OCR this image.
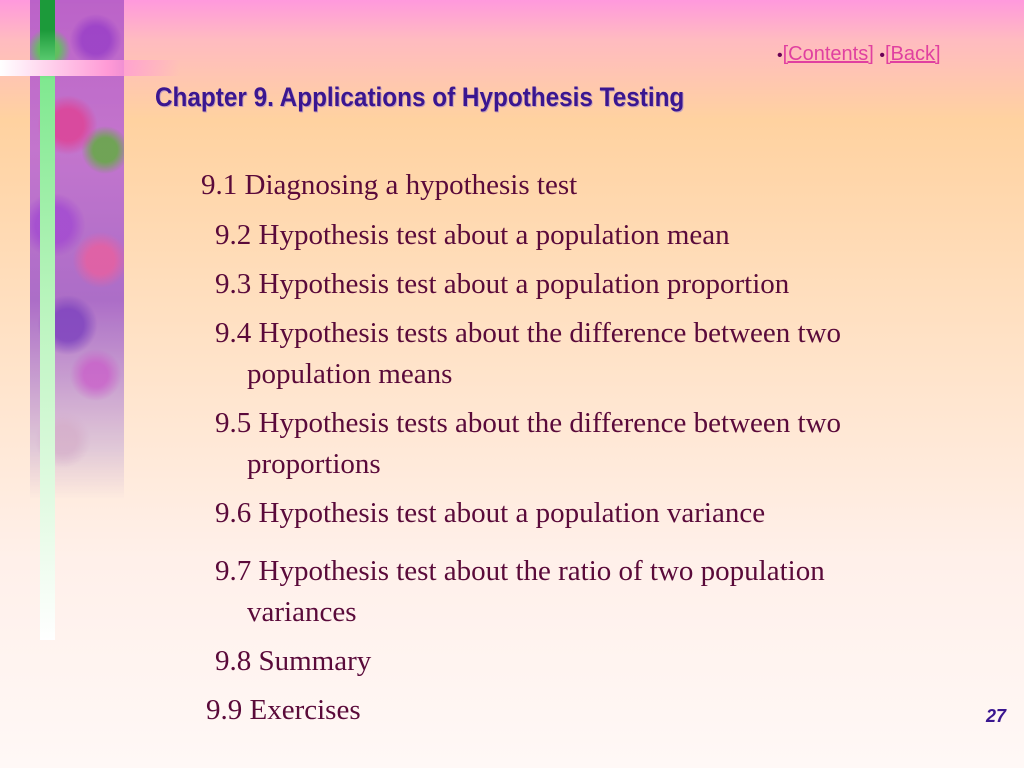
•[Contents] •[Back]
Chapter 9. Applications of Hypothesis Testing

9.1 Diagnosing a hypothesis test

9.2 Hypothesis test about a population mean

9.3 Hypothesis test about a population proportion

9.4 Hypothesis tests about the difference between two
population means

9.5 Hypothesis tests about the difference between two
proportions

9.6 Hypothesis test about a population variance

9.7 Hypothesis test about the ratio of two population
variances

9.8 Summary

9.9 Exercises	27
